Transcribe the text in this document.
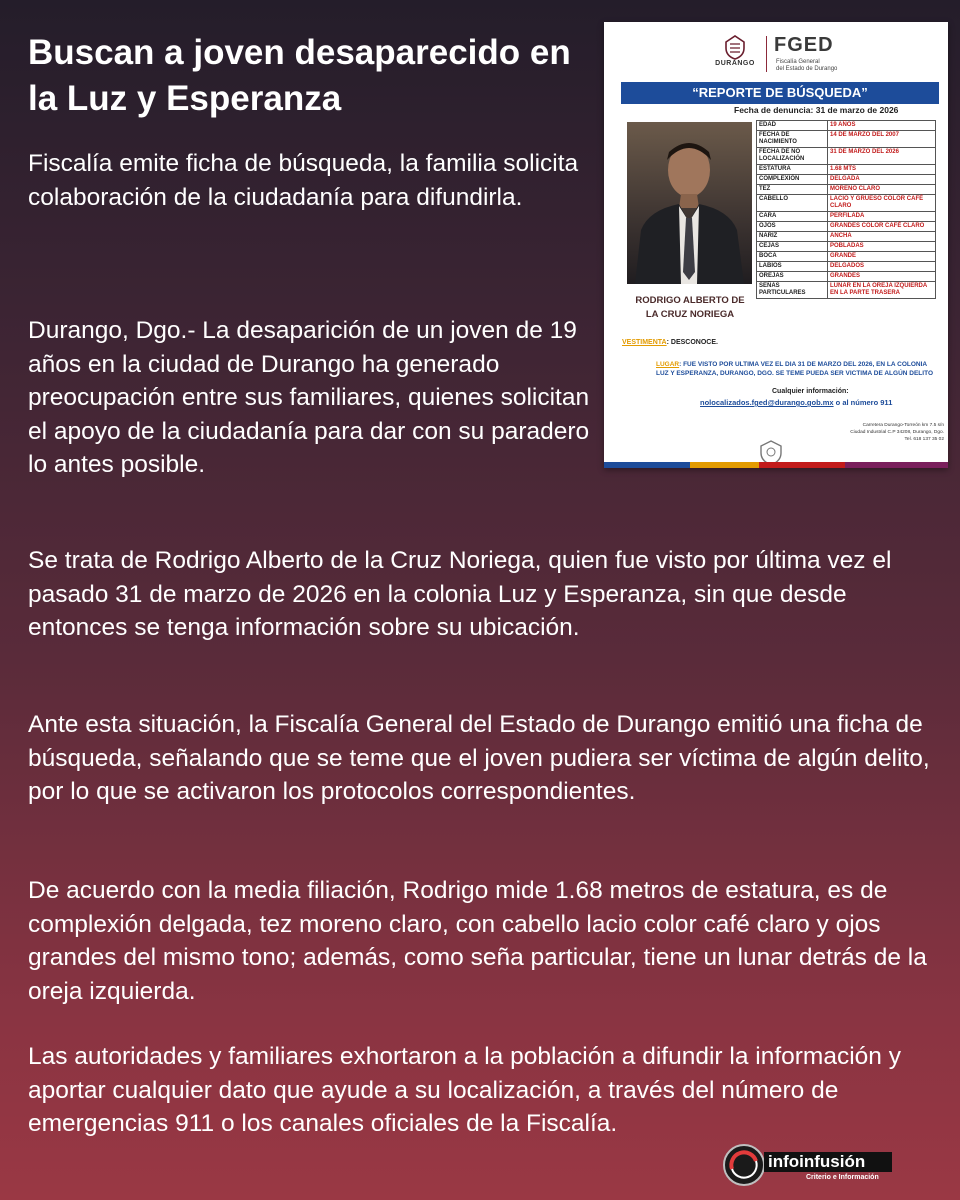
Buscan a joven desaparecido en la Luz y Esperanza

Fiscalía emite ficha de búsqueda, la familia solicita colaboración de la ciudadanía para difundirla.

Durango, Dgo.- La desaparición de un joven de 19 años en la ciudad de Durango ha generado preocupación entre sus familiares, quienes solicitan el apoyo de la ciudadanía para dar con su paradero lo antes posible.

Se trata de Rodrigo Alberto de la Cruz Noriega, quien fue visto por última vez el pasado 31 de marzo de 2026 en la colonia Luz y Esperanza, sin que desde entonces se tenga información sobre su ubicación.

Ante esta situación, la Fiscalía General del Estado de Durango emitió una ficha de búsqueda, señalando que se teme que el joven pudiera ser víctima de algún delito, por lo que se activaron los protocolos correspondientes.

De acuerdo con la media filiación, Rodrigo mide 1.68 metros de estatura, es de complexión delgada, tez moreno claro, con cabello lacio color café claro y ojos grandes del mismo tono; además, como seña particular, tiene un lunar detrás de la oreja izquierda.

Las autoridades y familiares exhortaron a la población a difundir la información y aportar cualquier dato que ayude a su localización, a través del número de emergencias 911 o los canales oficiales de la Fiscalía.

DURANGO
FGED
Fiscalía General
del Estado de Durango
“REPORTE DE BÚSQUEDA”
Fecha de denuncia: 31 de marzo de 2026
RODRIGO ALBERTO DE
LA CRUZ NORIEGA
EDAD	19 AÑOS
FECHA DE NACIMIENTO	14 DE MARZO DEL 2007
FECHA DE NO LOCALIZACIÓN	31 DE MARZO DEL 2026
ESTATURA	1.68 MTS
COMPLEXIÓN	DELGADA
TEZ	MORENO CLARO
CABELLO	LACIO Y GRUESO COLOR CAFÉ CLARO
CARA	PERFILADA
OJOS	GRANDES COLOR CAFÉ CLARO
NARIZ	ANCHA
CEJAS	POBLADAS
BOCA	GRANDE
LABIOS	DELGADOS
OREJAS	GRANDES
SEÑAS PARTICULARES	LUNAR EN LA OREJA IZQUIERDA EN LA PARTE TRASERA
VESTIMENTA: DESCONOCE.
LUGAR: FUE VISTO POR ULTIMA VEZ EL DIA 31 DE MARZO DEL 2026, EN LA COLONIA LUZ Y ESPERANZA, DURANGO, DGO. SE TEME PUEDA SER VICTIMA DE ALGÚN DELITO
Cualquier información:
nolocalizados.fged@durango.gob.mx o al número 911
Carretera Durango-Torreón km 7.5 s/n
Ciudad Industrial C.P 34208, Durango, Dgo.
Tel. 618 137 35 02
infoinfusión
Criterio e Información
